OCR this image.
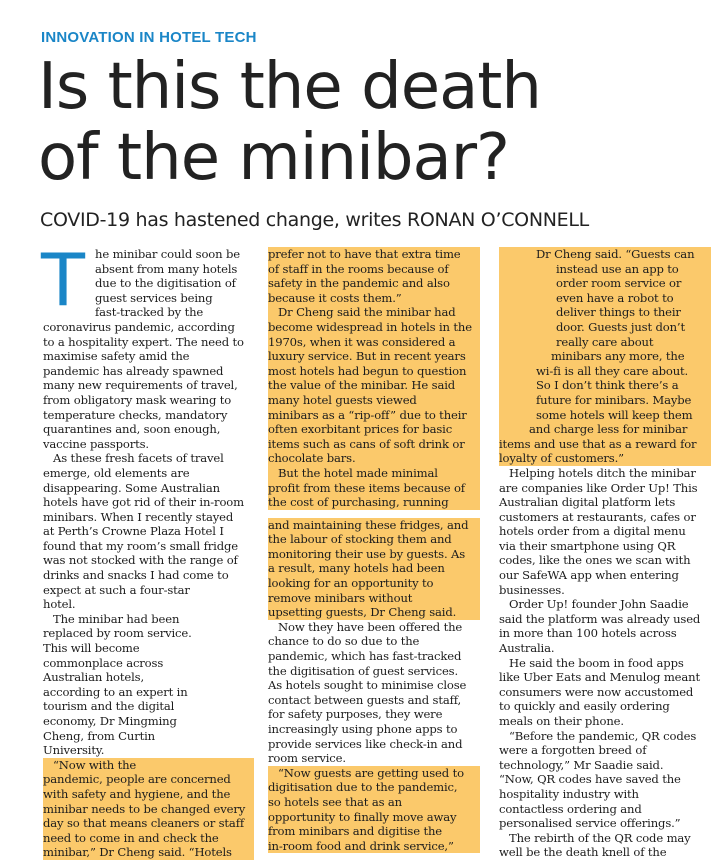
INNOVATION IN HOTEL TECH
Is this the death
of the minibar?
COVID-19 has hastened change, writes RONAN O’CONNELL
T he minibar could soon be
absent from many hotels
due to the digitisation of
guest services being
fast-tracked by the
coronavirus pandemic, according
to a hospitality expert. The need to
maximise safety amid the
pandemic has already spawned
many new requirements of travel,
from obligatory mask wearing to
temperature checks, mandatory
quarantines and, soon enough,
vaccine passports.
As these fresh facets of travel
emerge, old elements are
disappearing. Some Australian
hotels have got rid of their in-room
minibars. When I recently stayed
at Perth’s Crowne Plaza Hotel I
found that my room’s small fridge
was not stocked with the range of
drinks and snacks I had come to
expect at such a four-star
hotel.
The minibar had been
replaced by room service.
This will become
commonplace across
Australian hotels,
according to an expert in
tourism and the digital
economy, Dr Mingming
Cheng, from Curtin
University.
“Now with the
pandemic, people are concerned
with safety and hygiene, and the
minibar needs to be changed every
day so that means cleaners or staff
need to come in and check the
minibar,” Dr Cheng said. “Hotels
prefer not to have that extra time
of staff in the rooms because of
safety in the pandemic and also
because it costs them.”
Dr Cheng said the minibar had
become widespread in hotels in the
1970s, when it was considered a
luxury service. But in recent years
most hotels had begun to question
the value of the minibar. He said
many hotel guests viewed
minibars as a “rip-off” due to their
often exorbitant prices for basic
items such as cans of soft drink or
chocolate bars.
But the hotel made minimal
profit from these items because of
the cost of purchasing, running
and maintaining these fridges, and
the labour of stocking them and
monitoring their use by guests. As
a result, many hotels had been
looking for an opportunity to
remove minibars without
upsetting guests, Dr Cheng said.
Now they have been offered the
chance to do so due to the
pandemic, which has fast-tracked
the digitisation of guest services.
As hotels sought to minimise close
contact between guests and staff,
for safety purposes, they were
increasingly using phone apps to
provide services like check-in and
room service.
“Now guests are getting used to
digitisation due to the pandemic,
so hotels see that as an
opportunity to finally move away
from minibars and digitise the
in-room food and drink service,”
Dr Cheng said. “Guests can
instead use an app to
order room service or
even have a robot to
deliver things to their
door. Guests just don’t
really care about
minibars any more, the
wi-fi is all they care about.
So I don’t think there’s a
future for minibars. Maybe
some hotels will keep them
and charge less for minibar
items and use that as a reward for
loyalty of customers.”
Helping hotels ditch the minibar
are companies like Order Up! This
Australian digital platform lets
customers at restaurants, cafes or
hotels order from a digital menu
via their smartphone using QR
codes, like the ones we scan with
our SafeWA app when entering
businesses.
Order Up! founder John Saadie
said the platform was already used
in more than 100 hotels across
Australia.
He said the boom in food apps
like Uber Eats and Menulog meant
consumers were now accustomed
to quickly and easily ordering
meals on their phone.
“Before the pandemic, QR codes
were a forgotten breed of
technology,” Mr Saadie said.
“Now, QR codes have saved the
hospitality industry with
contactless ordering and
personalised service offerings.”
The rebirth of the QR code may
well be the death knell of the
